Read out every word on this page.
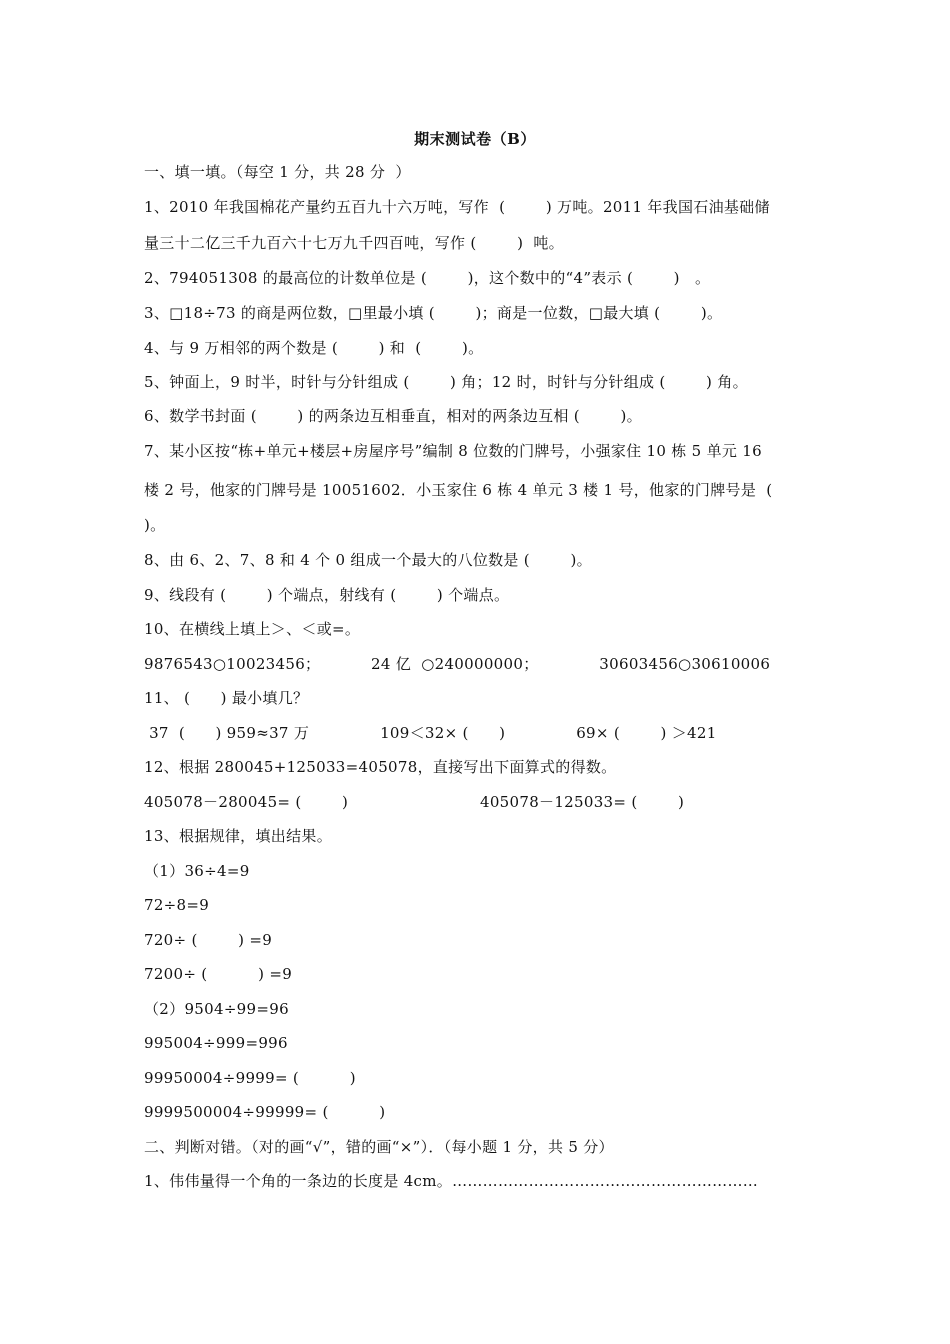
期末测试卷（B）
一、填一填。（每空 1 分，共 28 分  ）
1、2010 年我国棉花产量约五百九十六万吨，写作  (        ) 万吨。2011 年我国石油基础储
量三十二亿三千九百六十七万九千四百吨，写作 (        )  吨。
2、794051308 的最高位的计数单位是 (        )，这个数中的“4”表示 (        )   。
3、□18÷73 的商是两位数，□里最小填 (        )；商是一位数，□最大填 (        )。
4、与 9 万相邻的两个数是 (        ) 和  (        )。
5、钟面上，9 时半，时针与分针组成 (        ) 角；12 时，时针与分针组成 (        ) 角。
6、数学书封面 (        ) 的两条边互相垂直，相对的两条边互相 (        )。
7、某小区按“栋+单元+楼层+房屋序号”编制 8 位数的门牌号，小强家住 10 栋 5 单元 16
楼 2 号，他家的门牌号是 10051602．小玉家住 6 栋 4 单元 3 楼 1 号，他家的门牌号是  (
)。
8、由 6、2、7、8 和 4 个 0 组成一个最大的八位数是 (        )。
9、线段有 (        ) 个端点，射线有 (        ) 个端点。
10、在横线上填上＞、＜或=。
9876543○10023456；          24 亿  ○240000000；            30603456○30610006
11、 (      ) 最小填几？
37  (      ) 959≈37 万              109＜32× (      )              69× (        ) ＞421
12、根据 280045+125033=405078，直接写出下面算式的得数。
405078－280045= (        )                          405078－125033= (        )
13、根据规律，填出结果。
（1）36÷4=9
72÷8=9
720÷ (        ) =9
7200÷ (          ) =9
（2）9504÷99=96
995004÷999=996
99950004÷9999= (          )
9999500004÷99999= (          )
二、判断对错。（对的画“√”，错的画“×”）．（每小题 1 分，共 5 分）
1、伟伟量得一个角的一条边的长度是 4cm。……………………………………………………
